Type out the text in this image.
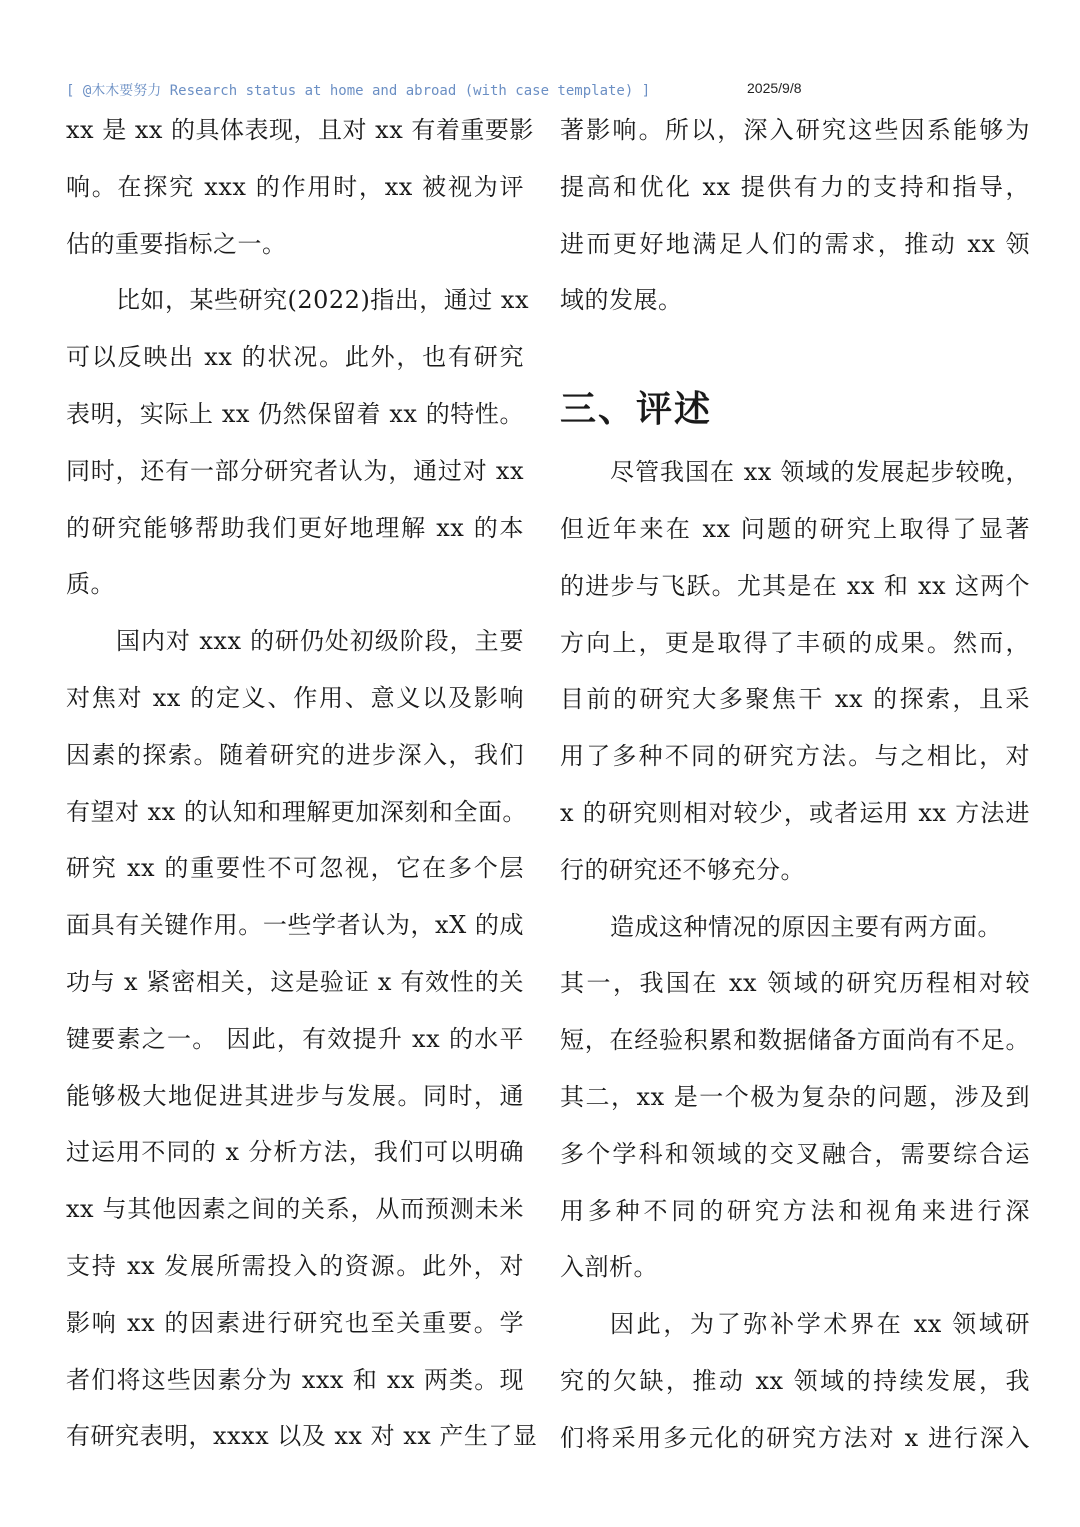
[ @木木要努力 Research status at home and abroad (with case template) ]	2025/9/8
xx 是 xx 的具体表现，且对 xx 有着重要影
响。在探究 xxx 的作用时，xx 被视为评
估的重要指标之一。
比如，某些研究(2022)指出，通过 xx
可以反映出 xx 的状况。此外，也有研究
表明，实际上 xx 仍然保留着 xx 的特性。
同时，还有一部分研究者认为，通过对 xx
的研究能够帮助我们更好地理解 xx 的本
质。
国内对 xxx 的研仍处初级阶段，主要
对焦对 xx 的定义、作用、意义以及影响
因素的探索。随着研究的进步深入，我们
有望对 xx 的认知和理解更加深刻和全面。
研究 xx 的重要性不可忽视，它在多个层
面具有关键作用。一些学者认为，xX 的成
功与 x 紧密相关，这是验证 x 有效性的关
键要素之一。 因此，有效提升 xx 的水平
能够极大地促进其进步与发展。同时，通
过运用不同的 x 分析方法，我们可以明确
xx 与其他因素之间的关系，从而预测未米
支持 xx 发展所需投入的资源。此外，对
影响 xx 的因素进行研究也至关重要。学
者们将这些因素分为 xxx 和 xx 两类。现
有研究表明，xxxx 以及 xx 对 xx 产生了显
著影响。所以，深入研究这些因系能够为
提高和优化 xx 提供有力的支持和指导，
进而更好地满足人们的需求，推动 xx 领
域的发展。
三、评述
尽管我国在 xx 领域的发展起步较晚，
但近年来在 xx 问题的研究上取得了显著
的进步与飞跃。尤其是在 xx 和 xx 这两个
方向上，更是取得了丰硕的成果。然而，
目前的研究大多聚焦干 xx 的探索，且采
用了多种不同的研究方法。与之相比，对
x 的研究则相对较少，或者运用 xx 方法进
行的研究还不够充分。
造成这种情况的原因主要有两方面。
其一，我国在 xx 领域的研究历程相对较
短，在经验积累和数据储备方面尚有不足。
其二，xx 是一个极为复杂的问题，涉及到
多个学科和领域的交叉融合，需要综合运
用多种不同的研究方法和视角来进行深
入剖析。
因此，为了弥补学术界在 xx 领域研
究的欠缺，推动 xx 领域的持续发展，我
们将采用多元化的研究方法对 x 进行深入
